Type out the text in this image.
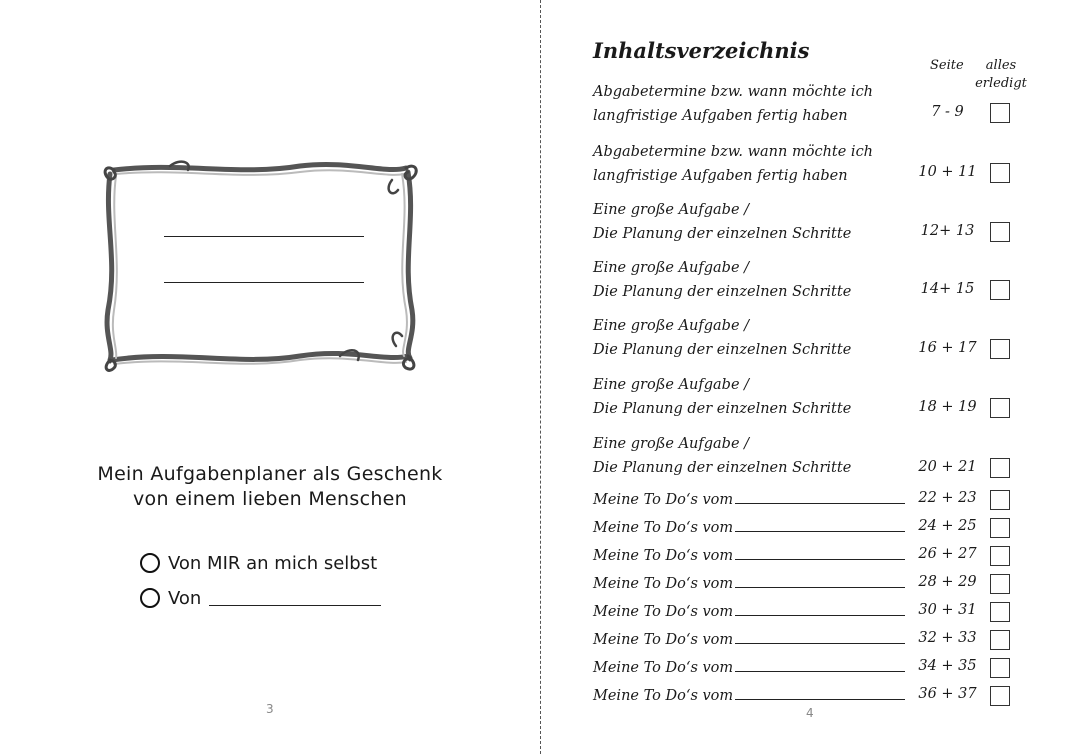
Mein Aufgabenplaner als Geschenk
von einem lieben Menschen
Von MIR an mich selbst
Von
3
Inhaltsverzeichnis
Seite	alles
erledigt
Abgabetermine bzw. wann möchte ich
langfristige Aufgaben fertig haben	7 - 9
Abgabetermine bzw. wann möchte ich
langfristige Aufgaben fertig haben	10 + 11
Eine große Aufgabe /
Die Planung der einzelnen Schritte	12+ 13
Eine große Aufgabe /
Die Planung der einzelnen Schritte	14+ 15
Eine große Aufgabe /
Die Planung der einzelnen Schritte	16 + 17
Eine große Aufgabe /
Die Planung der einzelnen Schritte	18 + 19
Eine große Aufgabe /
Die Planung der einzelnen Schritte	20 + 21
Meine To Do‘s vom	22 + 23
Meine To Do‘s vom	24 + 25
Meine To Do‘s vom	26 + 27
Meine To Do‘s vom	28 + 29
Meine To Do‘s vom	30 + 31
Meine To Do‘s vom	32 + 33
Meine To Do‘s vom	34 + 35
Meine To Do‘s vom	36 + 37
4
